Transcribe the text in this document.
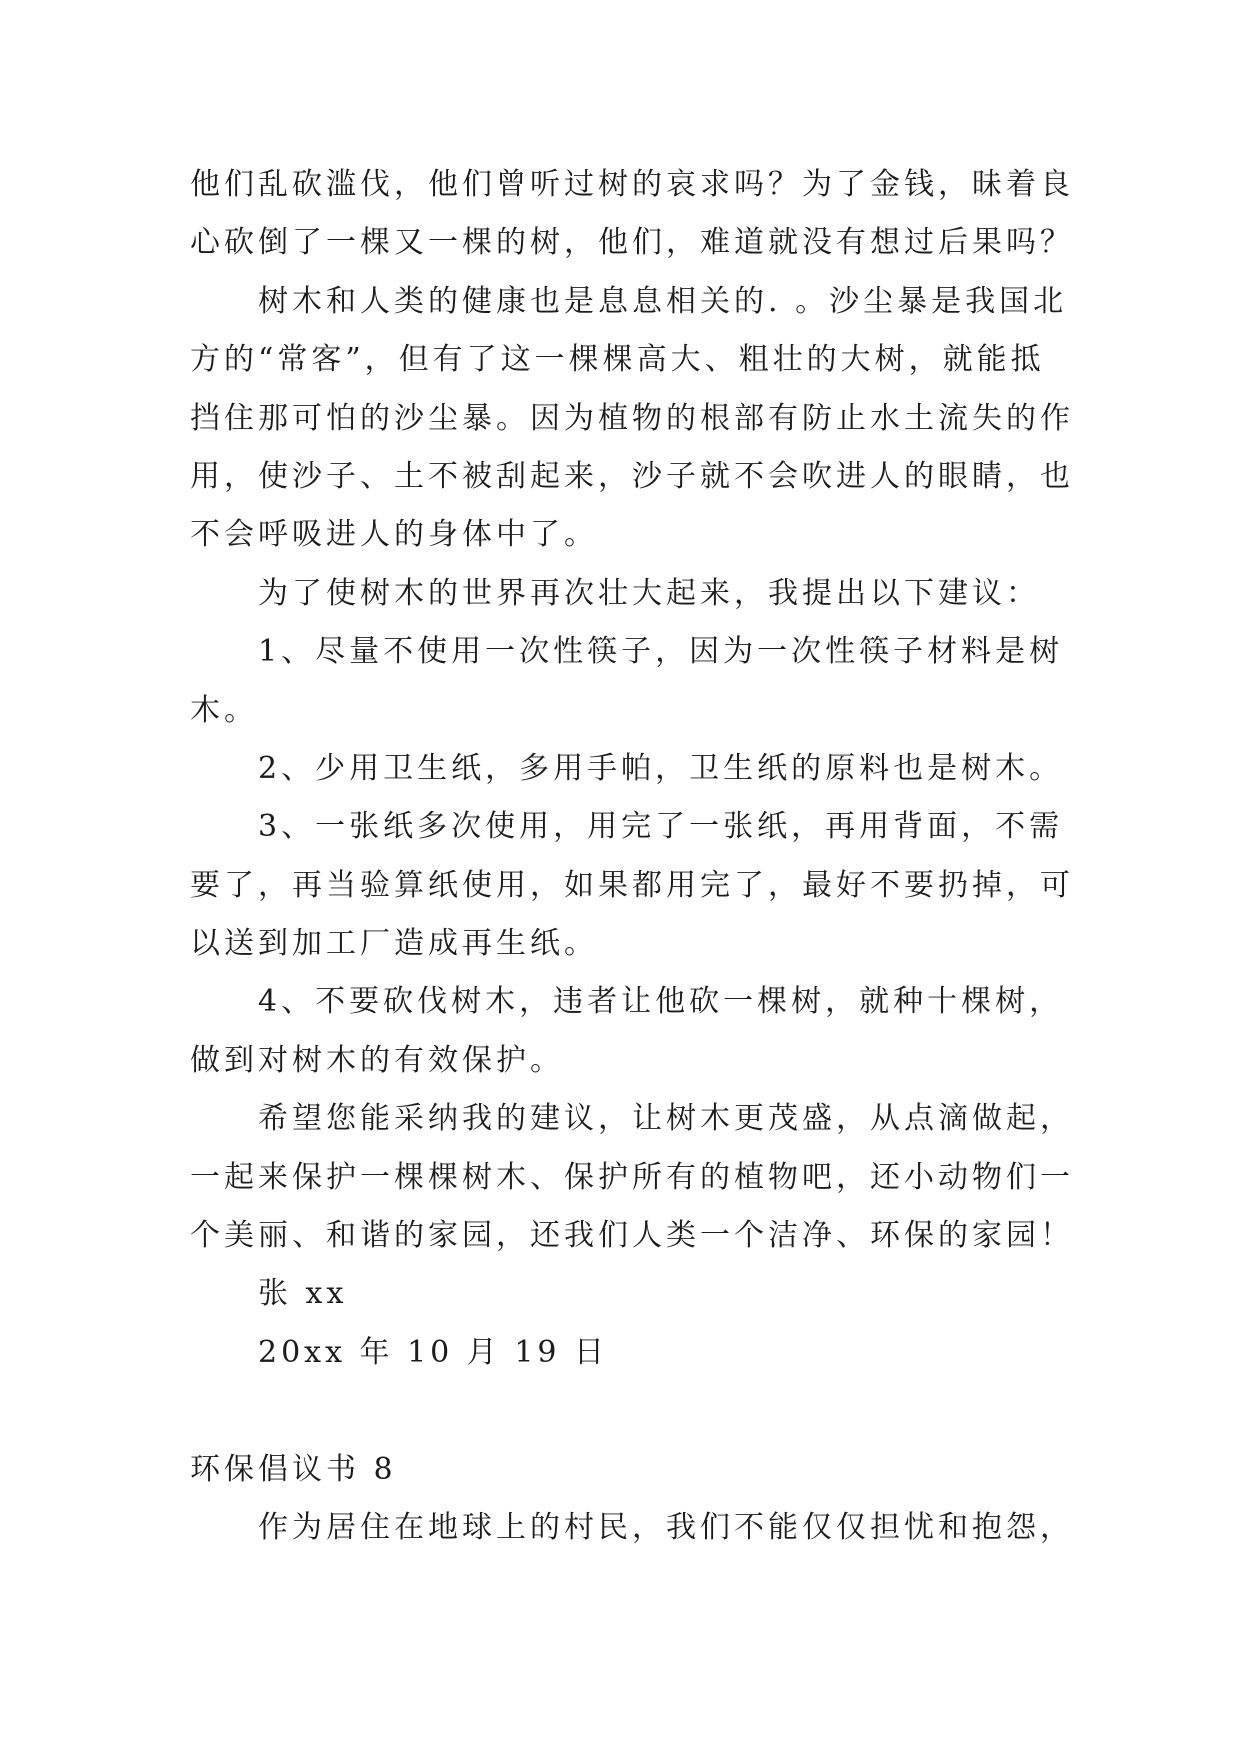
他们乱砍滥伐，他们曾听过树的哀求吗？为了金钱，昧着良
心砍倒了一棵又一棵的树，他们，难道就没有想过后果吗？
树木和人类的健康也是息息相关的. 。沙尘暴是我国北
方的“常客”，但有了这一棵棵高大、粗壮的大树，就能抵
挡住那可怕的沙尘暴。因为植物的根部有防止水土流失的作
用，使沙子、土不被刮起来，沙子就不会吹进人的眼睛，也
不会呼吸进人的身体中了。
为了使树木的世界再次壮大起来，我提出以下建议：
1、尽量不使用一次性筷子，因为一次性筷子材料是树
木。
2、少用卫生纸，多用手帕，卫生纸的原料也是树木。
3、一张纸多次使用，用完了一张纸，再用背面，不需
要了，再当验算纸使用，如果都用完了，最好不要扔掉，可
以送到加工厂造成再生纸。
4、不要砍伐树木，违者让他砍一棵树，就种十棵树，
做到对树木的有效保护。
希望您能采纳我的建议，让树木更茂盛，从点滴做起，
一起来保护一棵棵树木、保护所有的植物吧，还小动物们一
个美丽、和谐的家园，还我们人类一个洁净、环保的家园！
张 xx
20xx 年 10 月 19 日
环保倡议书 8
作为居住在地球上的村民，我们不能仅仅担忧和抱怨，
